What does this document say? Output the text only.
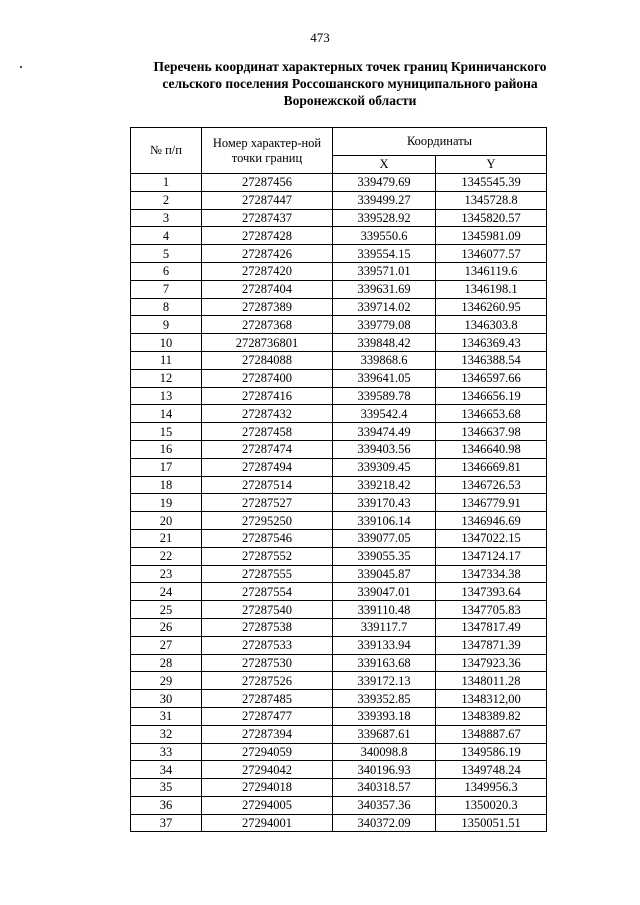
473
Перечень координат характерных точек границ Криничанского
сельского поселения Россошанского муниципального района
Воронежской области
№ п/п	Номер характер-ной точки границ	Координаты	
		X	Y
1	27287456	339479.69	1345545.39
2	27287447	339499.27	1345728.8
3	27287437	339528.92	1345820.57
4	27287428	339550.6	1345981.09
5	27287426	339554.15	1346077.57
6	27287420	339571.01	1346119.6
7	27287404	339631.69	1346198.1
8	27287389	339714.02	1346260.95
9	27287368	339779.08	1346303.8
10	2728736801	339848.42	1346369.43
11	27284088	339868.6	1346388.54
12	27287400	339641.05	1346597.66
13	27287416	339589.78	1346656.19
14	27287432	339542.4	1346653.68
15	27287458	339474.49	1346637.98
16	27287474	339403.56	1346640.98
17	27287494	339309.45	1346669.81
18	27287514	339218.42	1346726.53
19	27287527	339170.43	1346779.91
20	27295250	339106.14	1346946.69
21	27287546	339077.05	1347022.15
22	27287552	339055.35	1347124.17
23	27287555	339045.87	1347334.38
24	27287554	339047.01	1347393.64
25	27287540	339110.48	1347705.83
26	27287538	339117.7	1347817.49
27	27287533	339133.94	1347871.39
28	27287530	339163.68	1347923.36
29	27287526	339172.13	1348011.28
30	27287485	339352.85	1348312,00
31	27287477	339393.18	1348389.82
32	27287394	339687.61	1348887.67
33	27294059	340098.8	1349586.19
34	27294042	340196.93	1349748.24
35	27294018	340318.57	1349956.3
36	27294005	340357.36	1350020.3
37	27294001	340372.09	1350051.51
